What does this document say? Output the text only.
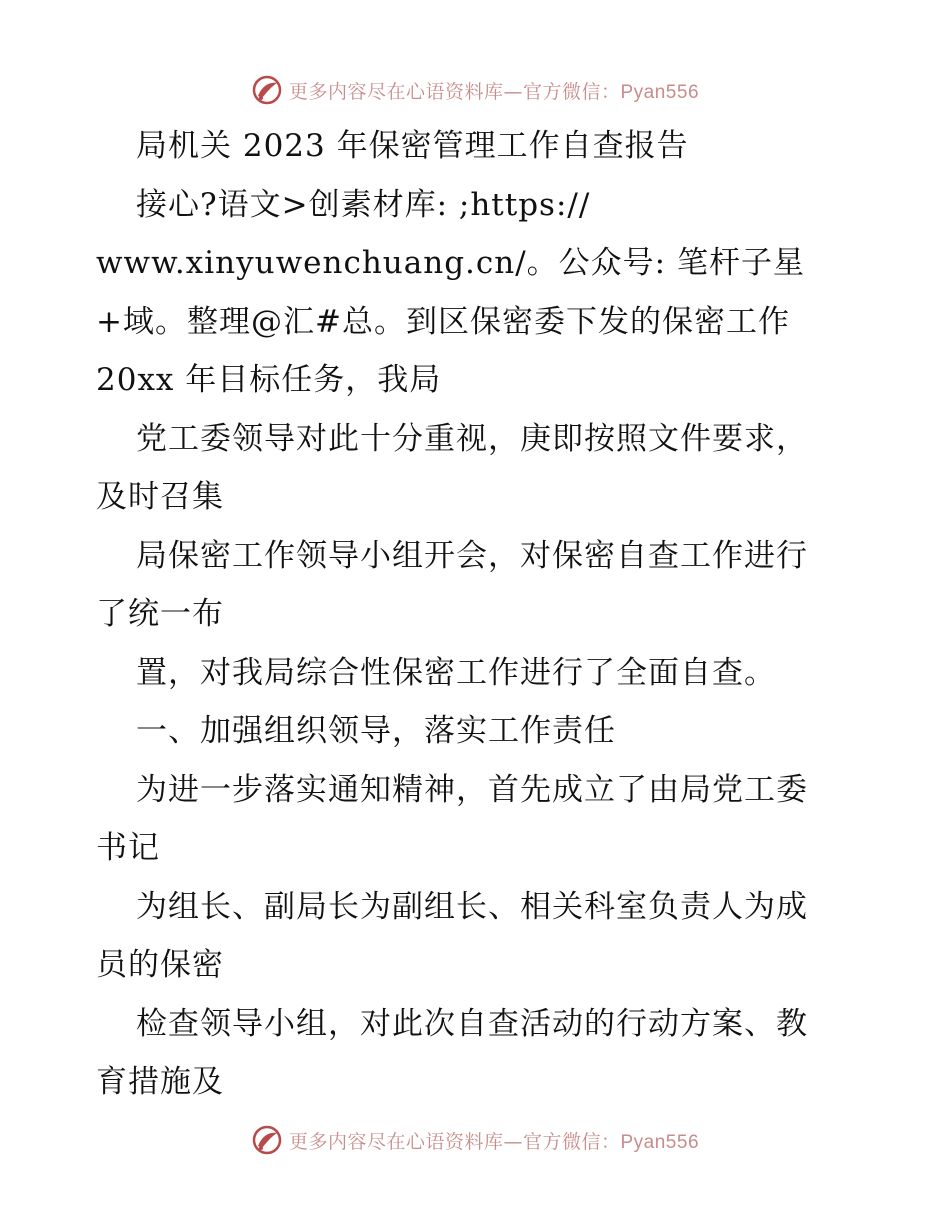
更多内容尽在心语资料库—官方微信：Pyan556
局机关 2023 年保密管理工作自查报告
接心?语文>创素材库: ;https://
www.xinyuwenchuang.cn/。公众号: 笔杆子星
+域。整理@汇#总。到区保密委下发的保密工作
20xx 年目标任务，我局
党工委领导对此十分重视，庚即按照文件要求，
及时召集
局保密工作领导小组开会，对保密自查工作进行
了统一布
置，对我局综合性保密工作进行了全面自查。
一、加强组织领导，落实工作责任
为进一步落实通知精神，首先成立了由局党工委
书记
为组长、副局长为副组长、相关科室负责人为成
员的保密
检查领导小组，对此次自查活动的行动方案、教
育措施及
更多内容尽在心语资料库—官方微信：Pyan556
